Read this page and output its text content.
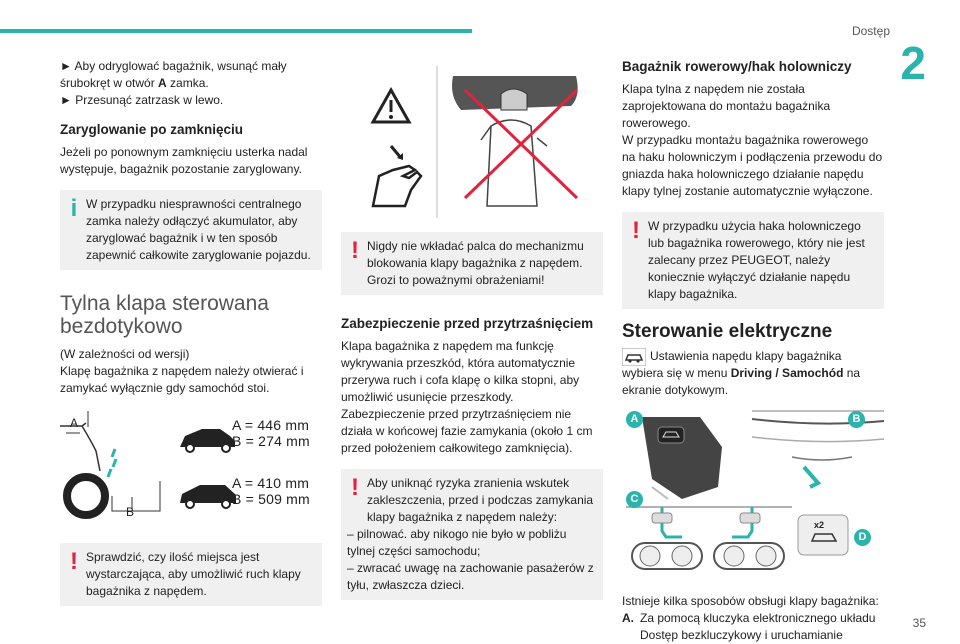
Dostęp
2

► Aby odryglować bagażnik, wsunąć mały
śrubokręt w otwór A zamka.

► Przesunąć zatrzask w lewo.

Zaryglowanie po zamknięciu

Jeżeli po ponownym zamknięciu usterka nadal występuje, bagażnik pozostanie zaryglowany.

i W przypadku niesprawności centralnego zamka należy odłączyć akumulator, aby zaryglować bagażnik i w ten sposób zapewnić całkowite zaryglowanie pojazdu.

Tylna klapa sterowana bezdotykowo

(W zależności od wersji)

Klapę bagażnika z napędem należy otwierać i zamykać wyłącznie gdy samochód stoi.

A
B
A = 446 mm
B = 274 mm
A = 410 mm
B = 509 mm
! Sprawdzić, czy ilość miejsca jest wystarczająca, aby umożliwić ruch klapy bagażnika z napędem.

! Nigdy nie wkładać palca do mechanizmu blokowania klapy bagażnika z napędem. Grozi to poważnymi obrażeniami!

Zabezpieczenie przed przytrzaśnięciem

Klapa bagażnika z napędem ma funkcję wykrywania przeszkód, która automatycznie przerywa ruch i cofa klapę o kilka stopni, aby umożliwić usunięcie przeszkody.

Zabezpieczenie przed przytrzaśnięciem nie działa w końcowej fazie zamykania (około 1 cm przed położeniem całkowitego zamknięcia).

! Aby uniknąć ryzyka zranienia wskutek zakleszczenia, przed i podczas zamykania klapy bagażnika z napędem należy:

– pilnować. aby nikogo nie było w pobliżu tylnej części samochodu;

– zwracać uwagę na zachowanie pasażerów z tyłu, zwłaszcza dzieci.

Bagażnik rowerowy/hak holowniczy

Klapa tylna z napędem nie została zaprojektowana do montażu bagażnika rowerowego.

W przypadku montażu bagażnika rowerowego na haku holowniczym i podłączenia przewodu do gniazda haka holowniczego działanie napędu klapy tylnej zostanie automatycznie wyłączone.

! W przypadku użycia haka holowniczego lub bagażnika rowerowego, który nie jest zalecany przez PEUGEOT, należy koniecznie wyłączyć działanie napędu klapy bagażnika.

Sterowanie elektryczne

Ustawienia napędu klapy bagażnika wybiera się w menu Driving / Samochód na ekranie dotykowym.

A	B
C
D
x2

Istnieje kilka sposobów obsługi klapy bagażnika:

A. Za pomocą kluczyka elektronicznego układu Dostęp bezkluczykowy i uruchamianie
35
